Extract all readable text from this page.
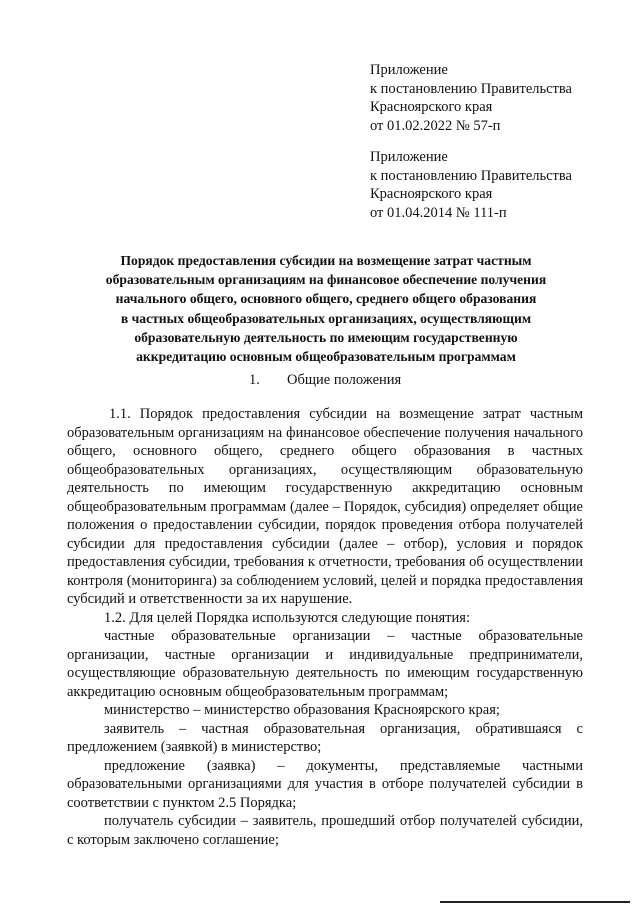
Приложение
к постановлению Правительства
Красноярского края
от 01.02.2022 № 57-п
Приложение
к постановлению Правительства
Красноярского края
от 01.04.2014 № 111-п
Порядок предоставления субсидии на возмещение затрат частным
образовательным организациям на финансовое обеспечение получения
начального общего, основного общего, среднего общего образования
в частных общеобразовательных организациях, осуществляющим
образовательную деятельность по имеющим государственную
аккредитацию основным общеобразовательным программам
1. Общие положения

1.1. Порядок предоставления субсидии на возмещение затрат частным образовательным организациям на финансовое обеспечение получения начального общего, основного общего, среднего общего образования в частных общеобразовательных организациях, осуществляющим образовательную деятельность по имеющим государственную аккредитацию основным общеобразовательным программам (далее – Порядок, субсидия) определяет общие положения о предоставлении субсидии, порядок проведения отбора получателей субсидии для предоставления субсидии (далее – отбор), условия и порядок предоставления субсидии, требования к отчетности, требования об осуществлении контроля (мониторинга) за соблюдением условий, целей и порядка предоставления субсидий и ответственности за их нарушение.

1.2. Для целей Порядка используются следующие понятия:

частные образовательные организации – частные образовательные организации, частные организации и индивидуальные предприниматели, осуществляющие образовательную деятельность по имеющим государственную аккредитацию основным общеобразовательным программам;

министерство – министерство образования Красноярского края;

заявитель – частная образовательная организация, обратившаяся с предложением (заявкой) в министерство;

предложение (заявка) – документы, представляемые частными образовательными организациями для участия в отборе получателей субсидии в соответствии с пунктом 2.5 Порядка;

получатель субсидии – заявитель, прошедший отбор получателей субсидии, с которым заключено соглашение;
